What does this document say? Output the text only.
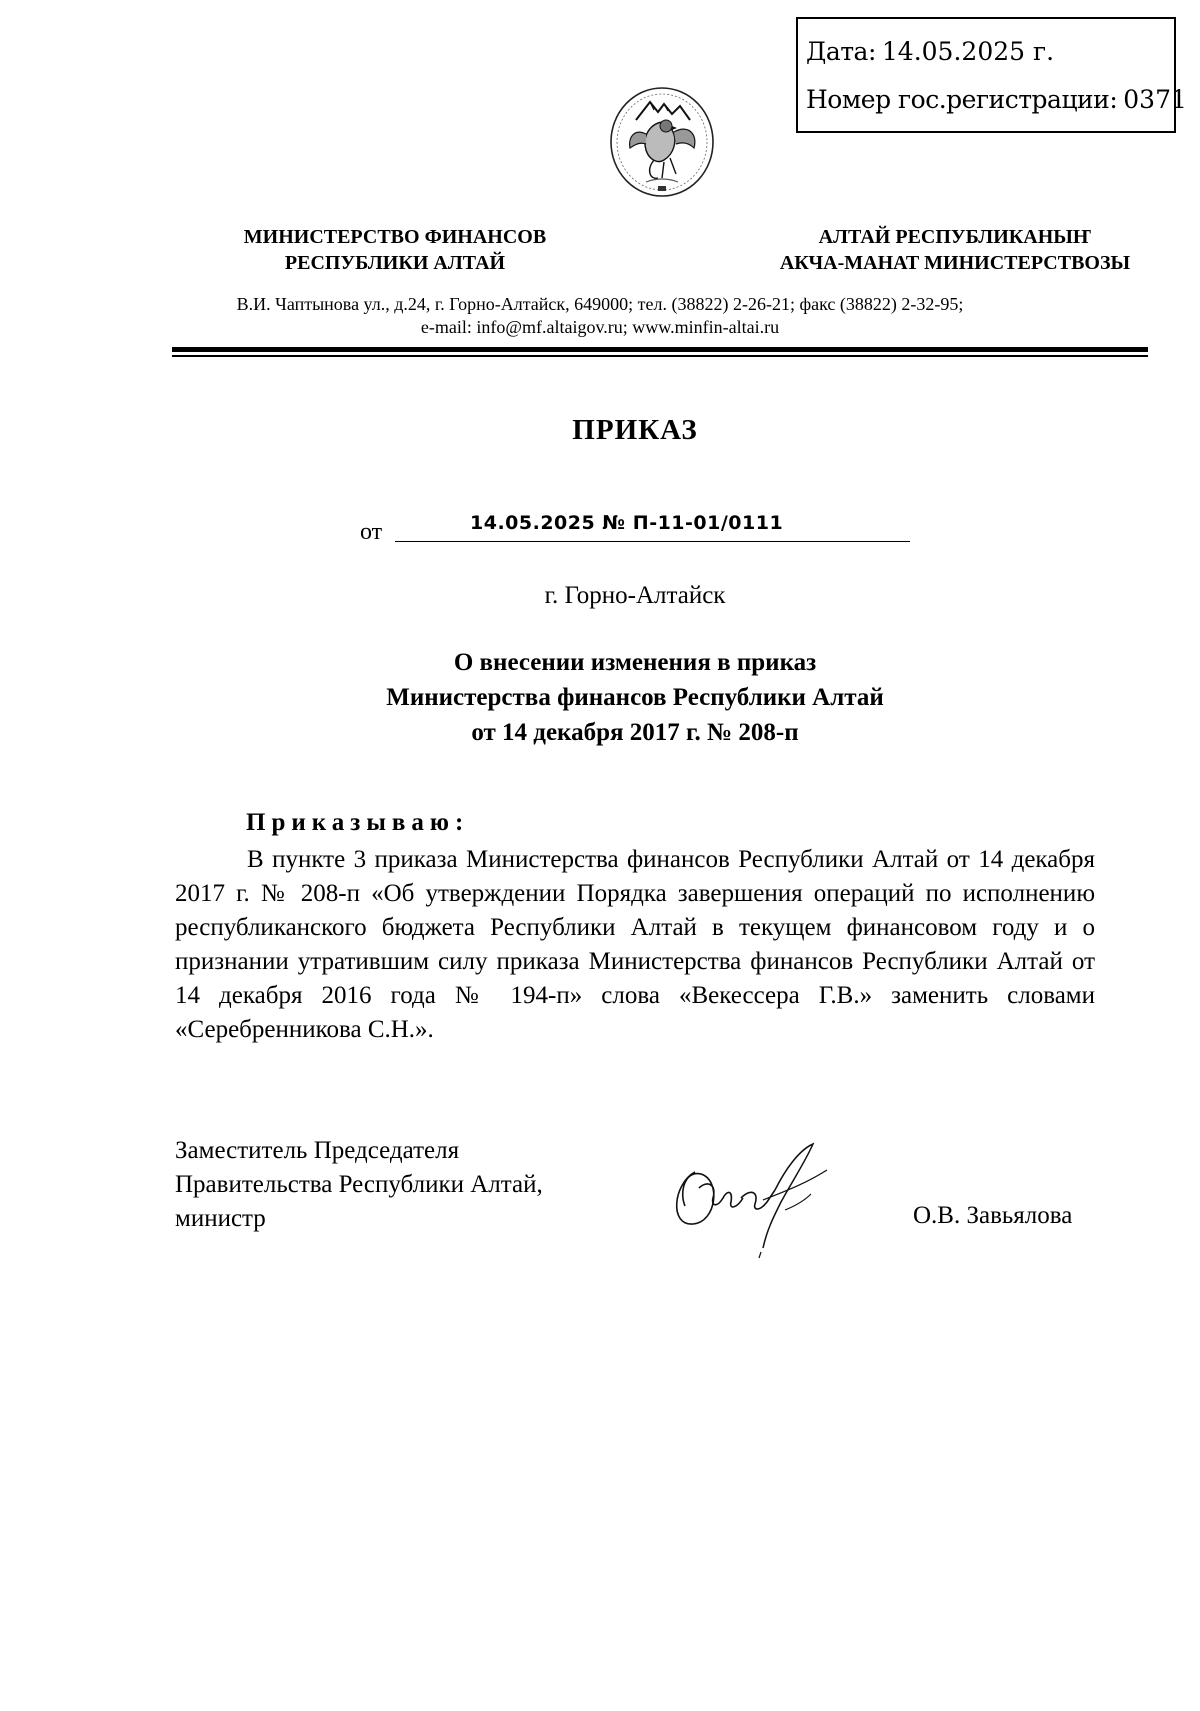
Дата: 14.05.2025 г.
Номер гос.регистрации: 0371
МИНИСТЕРСТВО ФИНАНСОВ
РЕСПУБЛИКИ АЛТАЙ
АЛТАЙ РЕСПУБЛИКАНЫҤ
АКЧА-МАНАТ МИНИСТЕРСТВОЗЫ
В.И. Чаптынова ул., д.24, г. Горно-Алтайск, 649000; тел. (38822) 2-26-21; факс (38822) 2-32-95;
e-mail: info@mf.altaigov.ru; www.minfin-altai.ru
ПРИКАЗ
от	14.05.2025 № П-11-01/0111
г. Горно-Алтайск
О внесении изменения в приказ
Министерства финансов Республики Алтай
от 14 декабря 2017 г. № 208-п
Приказываю:
В пункте 3 приказа Министерства финансов Республики Алтай от 14 декабря 2017 г. № 208-п «Об утверждении Порядка завершения операций по исполнению республиканского бюджета Республики Алтай в текущем финансовом году и о признании утратившим силу приказа Министерства финансов Республики Алтай от 14 декабря 2016 года № 194-п» слова «Векессера Г.В.» заменить словами «Серебренникова С.Н.».
Заместитель Председателя
Правительства Республики Алтай,
министр	О.В. Завьялова
